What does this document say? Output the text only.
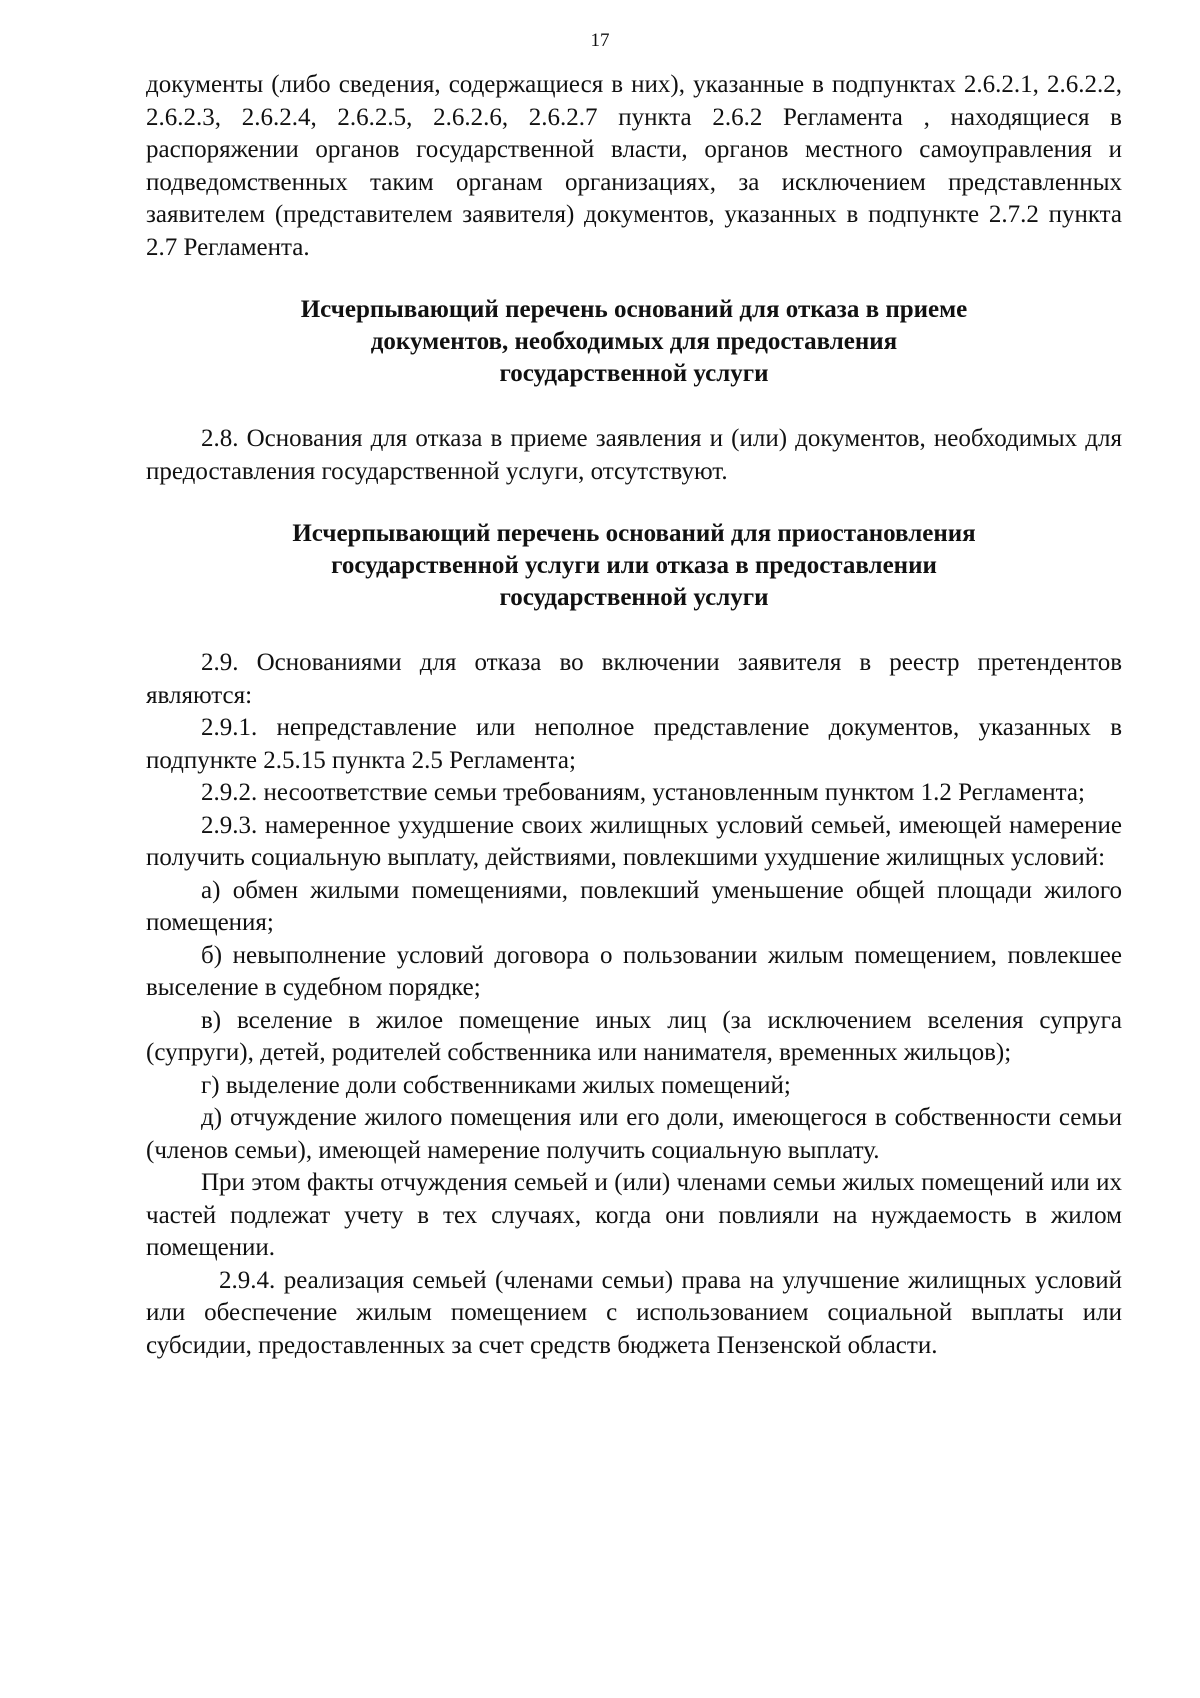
17

документы (либо сведения, содержащиеся в них), указанные в подпунктах 2.6.2.1, 2.6.2.2, 2.6.2.3, 2.6.2.4, 2.6.2.5, 2.6.2.6, 2.6.2.7 пункта 2.6.2 Регламента , находящиеся в распоряжении органов государственной власти, органов местного самоуправления и подведомственных таким органам организациях, за исключением представленных заявителем (представителем заявителя) документов, указанных в подпункте 2.7.2 пункта 2.7 Регламента.

Исчерпывающий перечень оснований для отказа в приеме
документов, необходимых для предоставления
государственной услуги

2.8. Основания для отказа в приеме заявления и (или) документов, необходимых для предоставления государственной услуги, отсутствуют.

Исчерпывающий перечень оснований для приостановления
государственной услуги или отказа в предоставлении
государственной услуги

2.9. Основаниями для отказа во включении заявителя в реестр претендентов являются:

2.9.1. непредставление или неполное представление документов, указанных в подпункте 2.5.15 пункта 2.5 Регламента;

2.9.2. несоответствие семьи требованиям, установленным пунктом 1.2 Регламента;

2.9.3. намеренное ухудшение своих жилищных условий семьей, имеющей намерение получить социальную выплату, действиями, повлекшими ухудшение жилищных условий:

а) обмен жилыми помещениями, повлекший уменьшение общей площади жилого помещения;

б) невыполнение условий договора о пользовании жилым помещением, повлекшее выселение в судебном порядке;

в) вселение в жилое помещение иных лиц (за исключением вселения супруга (супруги), детей, родителей собственника или нанимателя, временных жильцов);

г) выделение доли собственниками жилых помещений;

д) отчуждение жилого помещения или его доли, имеющегося в собственности семьи (членов семьи), имеющей намерение получить социальную выплату.

При этом факты отчуждения семьей и (или) членами семьи жилых помещений или их частей подлежат учету в тех случаях, когда они повлияли на нуждаемость в жилом помещении.

2.9.4. реализация семьей (членами семьи) права на улучшение жилищных условий или обеспечение жилым помещением с использованием социальной выплаты или субсидии, предоставленных за счет средств бюджета Пензенской области.
